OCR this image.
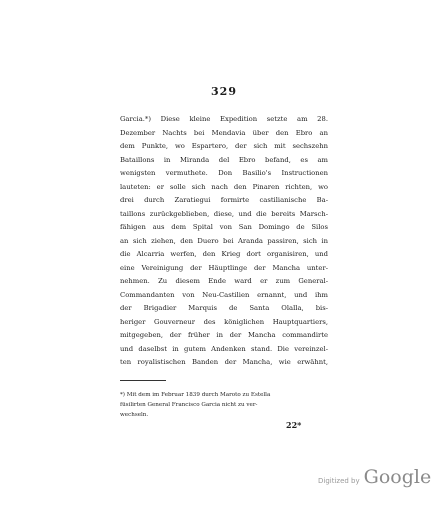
329
Garcia.*) Diese kleine Expedition setzte am 28.
Dezember Nachts bei Mendavia über den Ebro an
dem Punkte, wo Espartero, der sich mit sechszehn
Bataillons in Miranda del Ebro befand, es am
wenigsten vermuthete. Don Basilio's Instructionen
lauteten: er solle sich nach den Pinaren richten, wo
drei durch Zaratiegui formirte castilianische Ba-
taillons zurückgeblieben, diese, und die bereits Marsch-
fähigen aus dem Spital von San Domingo de Silos
an sich ziehen, den Duero bei Aranda passiren, sich in
die Alcarria werfen, den Krieg dort organisiren, und
eine Vereinigung der Häuptlinge der Mancha unter-
nehmen. Zu diesem Ende ward er zum General-
Commandanten von Neu-Castilien ernannt, und ihm
der Brigadier Marquis de Santa Olalla, bis-
heriger Gouverneur des königlichen Hauptquartiers,
mitgegeben, der früher in der Mancha commandirte
und daselbst in gutem Andenken stand. Die vereinzel-
ten royalistischen Banden der Mancha, wie erwähnt,
*) Mit dem im Februar 1839 durch Maroto zu Estella
füsilirten General Francisco Garcia nicht zu ver-
wechseln.
22*
Digitized by Google
